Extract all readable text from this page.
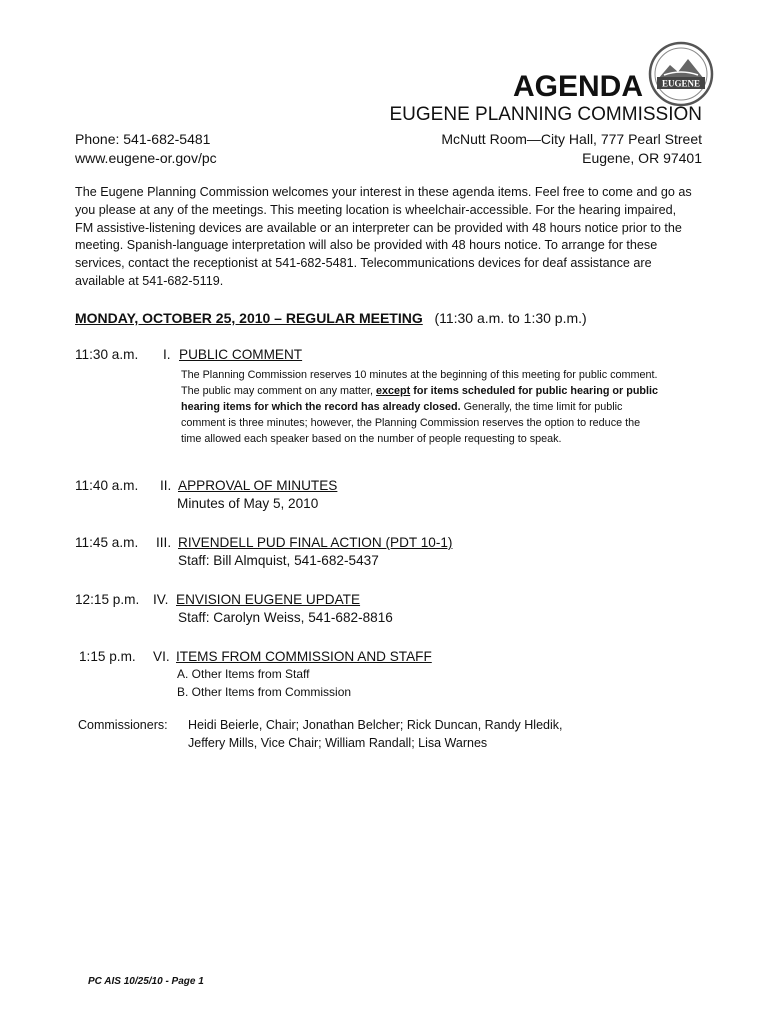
EUGENE
AGENDA
EUGENE PLANNING COMMISSION
Phone: 541-682-5481
www.eugene-or.gov/pc
McNutt Room—City Hall, 777 Pearl Street
Eugene, OR 97401
The Eugene Planning Commission welcomes your interest in these agenda items. Feel free to come and go as you please at any of the meetings. This meeting location is wheelchair-accessible. For the hearing impaired, FM assistive-listening devices are available or an interpreter can be provided with 48 hours notice prior to the meeting. Spanish-language interpretation will also be provided with 48 hours notice. To arrange for these services, contact the receptionist at 541-682-5481. Telecommunications devices for deaf assistance are available at 541-682-5119.
MONDAY, OCTOBER 25, 2010 – REGULAR MEETING (11:30 a.m. to 1:30 p.m.)
11:30 a.m. I. PUBLIC COMMENT
The Planning Commission reserves 10 minutes at the beginning of this meeting for public comment. The public may comment on any matter, except for items scheduled for public hearing or public hearing items for which the record has already closed. Generally, the time limit for public comment is three minutes; however, the Planning Commission reserves the option to reduce the time allowed each speaker based on the number of people requesting to speak.
11:40 a.m. II. APPROVAL OF MINUTES
Minutes of May 5, 2010
11:45 a.m. III. RIVENDELL PUD FINAL ACTION (PDT 10-1)
Staff: Bill Almquist, 541-682-5437
12:15 p.m. IV. ENVISION EUGENE UPDATE
Staff: Carolyn Weiss, 541-682-8816
1:15 p.m. VI. ITEMS FROM COMMISSION AND STAFF
A. Other Items from Staff
B. Other Items from Commission
Commissioners: Heidi Beierle, Chair; Jonathan Belcher; Rick Duncan, Randy Hledik,
Jeffery Mills, Vice Chair; William Randall; Lisa Warnes
PC AIS 10/25/10 - Page 1
